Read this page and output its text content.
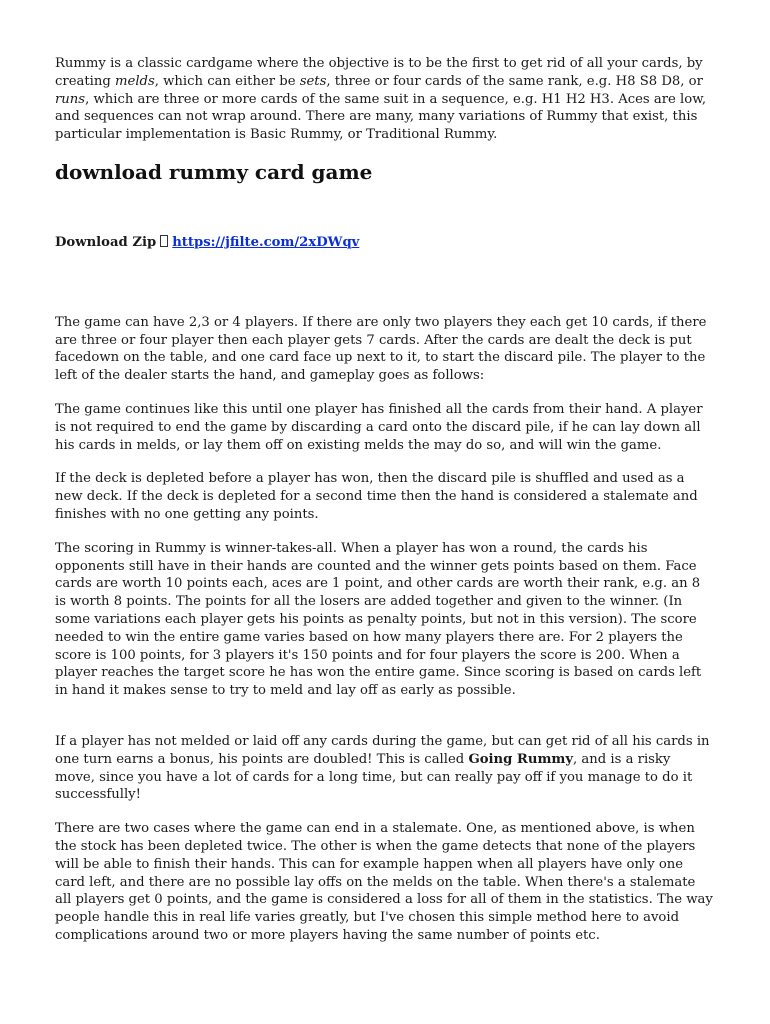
Rummy is a classic cardgame where the objective is to be the first to get rid of all your cards, by creating melds, which can either be sets, three or four cards of the same rank, e.g. H8 S8 D8, or runs, which are three or more cards of the same suit in a sequence, e.g. H1 H2 H3. Aces are low, and sequences can not wrap around. There are many, many variations of Rummy that exist, this particular implementation is Basic Rummy, or Traditional Rummy.

download rummy card game

Download Zip https://jfilte.com/2xDWqv

The game can have 2,3 or 4 players. If there are only two players they each get 10 cards, if there are three or four player then each player gets 7 cards. After the cards are dealt the deck is put facedown on the table, and one card face up next to it, to start the discard pile. The player to the left of the dealer starts the hand, and gameplay goes as follows:

The game continues like this until one player has finished all the cards from their hand. A player is not required to end the game by discarding a card onto the discard pile, if he can lay down all his cards in melds, or lay them off on existing melds the may do so, and will win the game.

If the deck is depleted before a player has won, then the discard pile is shuffled and used as a new deck. If the deck is depleted for a second time then the hand is considered a stalemate and finishes with no one getting any points.

The scoring in Rummy is winner-takes-all. When a player has won a round, the cards his opponents still have in their hands are counted and the winner gets points based on them. Face cards are worth 10 points each, aces are 1 point, and other cards are worth their rank, e.g. an 8 is worth 8 points. The points for all the losers are added together and given to the winner. (In some variations each player gets his points as penalty points, but not in this version). The score needed to win the entire game varies based on how many players there are. For 2 players the score is 100 points, for 3 players it's 150 points and for four players the score is 200. When a player reaches the target score he has won the entire game. Since scoring is based on cards left in hand it makes sense to try to meld and lay off as early as possible.

If a player has not melded or laid off any cards during the game, but can get rid of all his cards in one turn earns a bonus, his points are doubled! This is called Going Rummy, and is a risky move, since you have a lot of cards for a long time, but can really pay off if you manage to do it successfully!

There are two cases where the game can end in a stalemate. One, as mentioned above, is when the stock has been depleted twice. The other is when the game detects that none of the players will be able to finish their hands. This can for example happen when all players have only one card left, and there are no possible lay offs on the melds on the table. When there's a stalemate all players get 0 points, and the game is considered a loss for all of them in the statistics. The way people handle this in real life varies greatly, but I've chosen this simple method here to avoid complications around two or more players having the same number of points etc.
